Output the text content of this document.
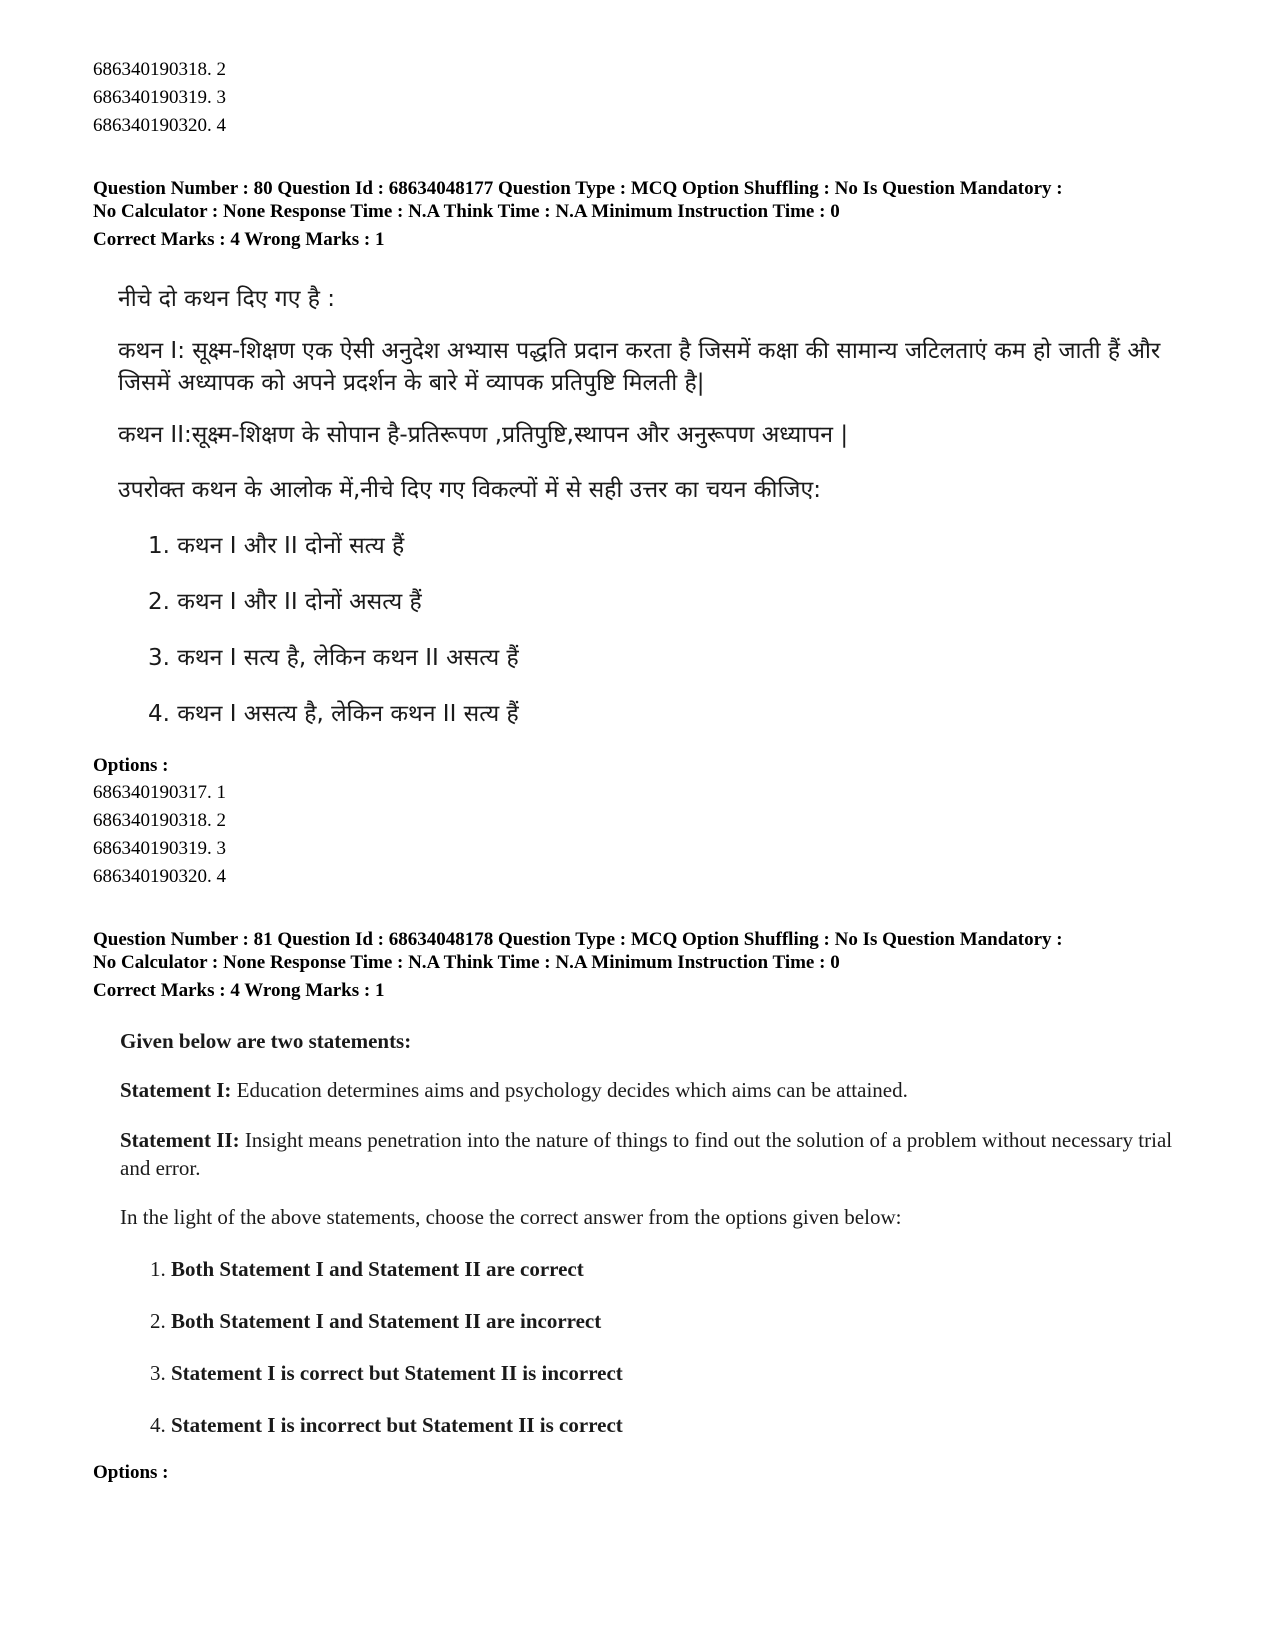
686340190318. 2
686340190319. 3
686340190320. 4
Question Number : 80 Question Id : 68634048177 Question Type : MCQ Option Shuffling : No Is Question Mandatory :
No Calculator : None Response Time : N.A Think Time : N.A Minimum Instruction Time : 0
Correct Marks : 4 Wrong Marks : 1
नीचे दो कथन दिए गए है :
कथन I: सूक्ष्म-शिक्षण एक ऐसी अनुदेश अभ्यास पद्धति प्रदान करता है जिसमें कक्षा की सामान्य जटिलताएं कम हो जाती हैं और जिसमें अध्यापक को अपने प्रदर्शन के बारे में व्यापक प्रतिपुष्टि मिलती है|
कथन II:सूक्ष्म-शिक्षण के सोपान है-प्रतिरूपण ,प्रतिपुष्टि,स्थापन और अनुरूपण अध्यापन |
उपरोक्त कथन के आलोक में,नीचे दिए गए विकल्पों में से सही उत्तर का चयन कीजिए:
1. कथन I और II दोनों सत्य हैं
2. कथन I और II दोनों असत्य हैं
3. कथन I सत्य है, लेकिन कथन II असत्य हैं
4. कथन I असत्य है, लेकिन कथन II सत्य हैं
Options :
686340190317. 1
686340190318. 2
686340190319. 3
686340190320. 4
Question Number : 81 Question Id : 68634048178 Question Type : MCQ Option Shuffling : No Is Question Mandatory :
No Calculator : None Response Time : N.A Think Time : N.A Minimum Instruction Time : 0
Correct Marks : 4 Wrong Marks : 1
Given below are two statements:
Statement I: Education determines aims and psychology decides which aims can be attained.
Statement II: Insight means penetration into the nature of things to find out the solution of a problem without necessary trial and error.
In the light of the above statements, choose the correct answer from the options given below:
1. Both Statement I and Statement II are correct
2. Both Statement I and Statement II are incorrect
3. Statement I is correct but Statement II is incorrect
4. Statement I is incorrect but Statement II is correct
Options :
